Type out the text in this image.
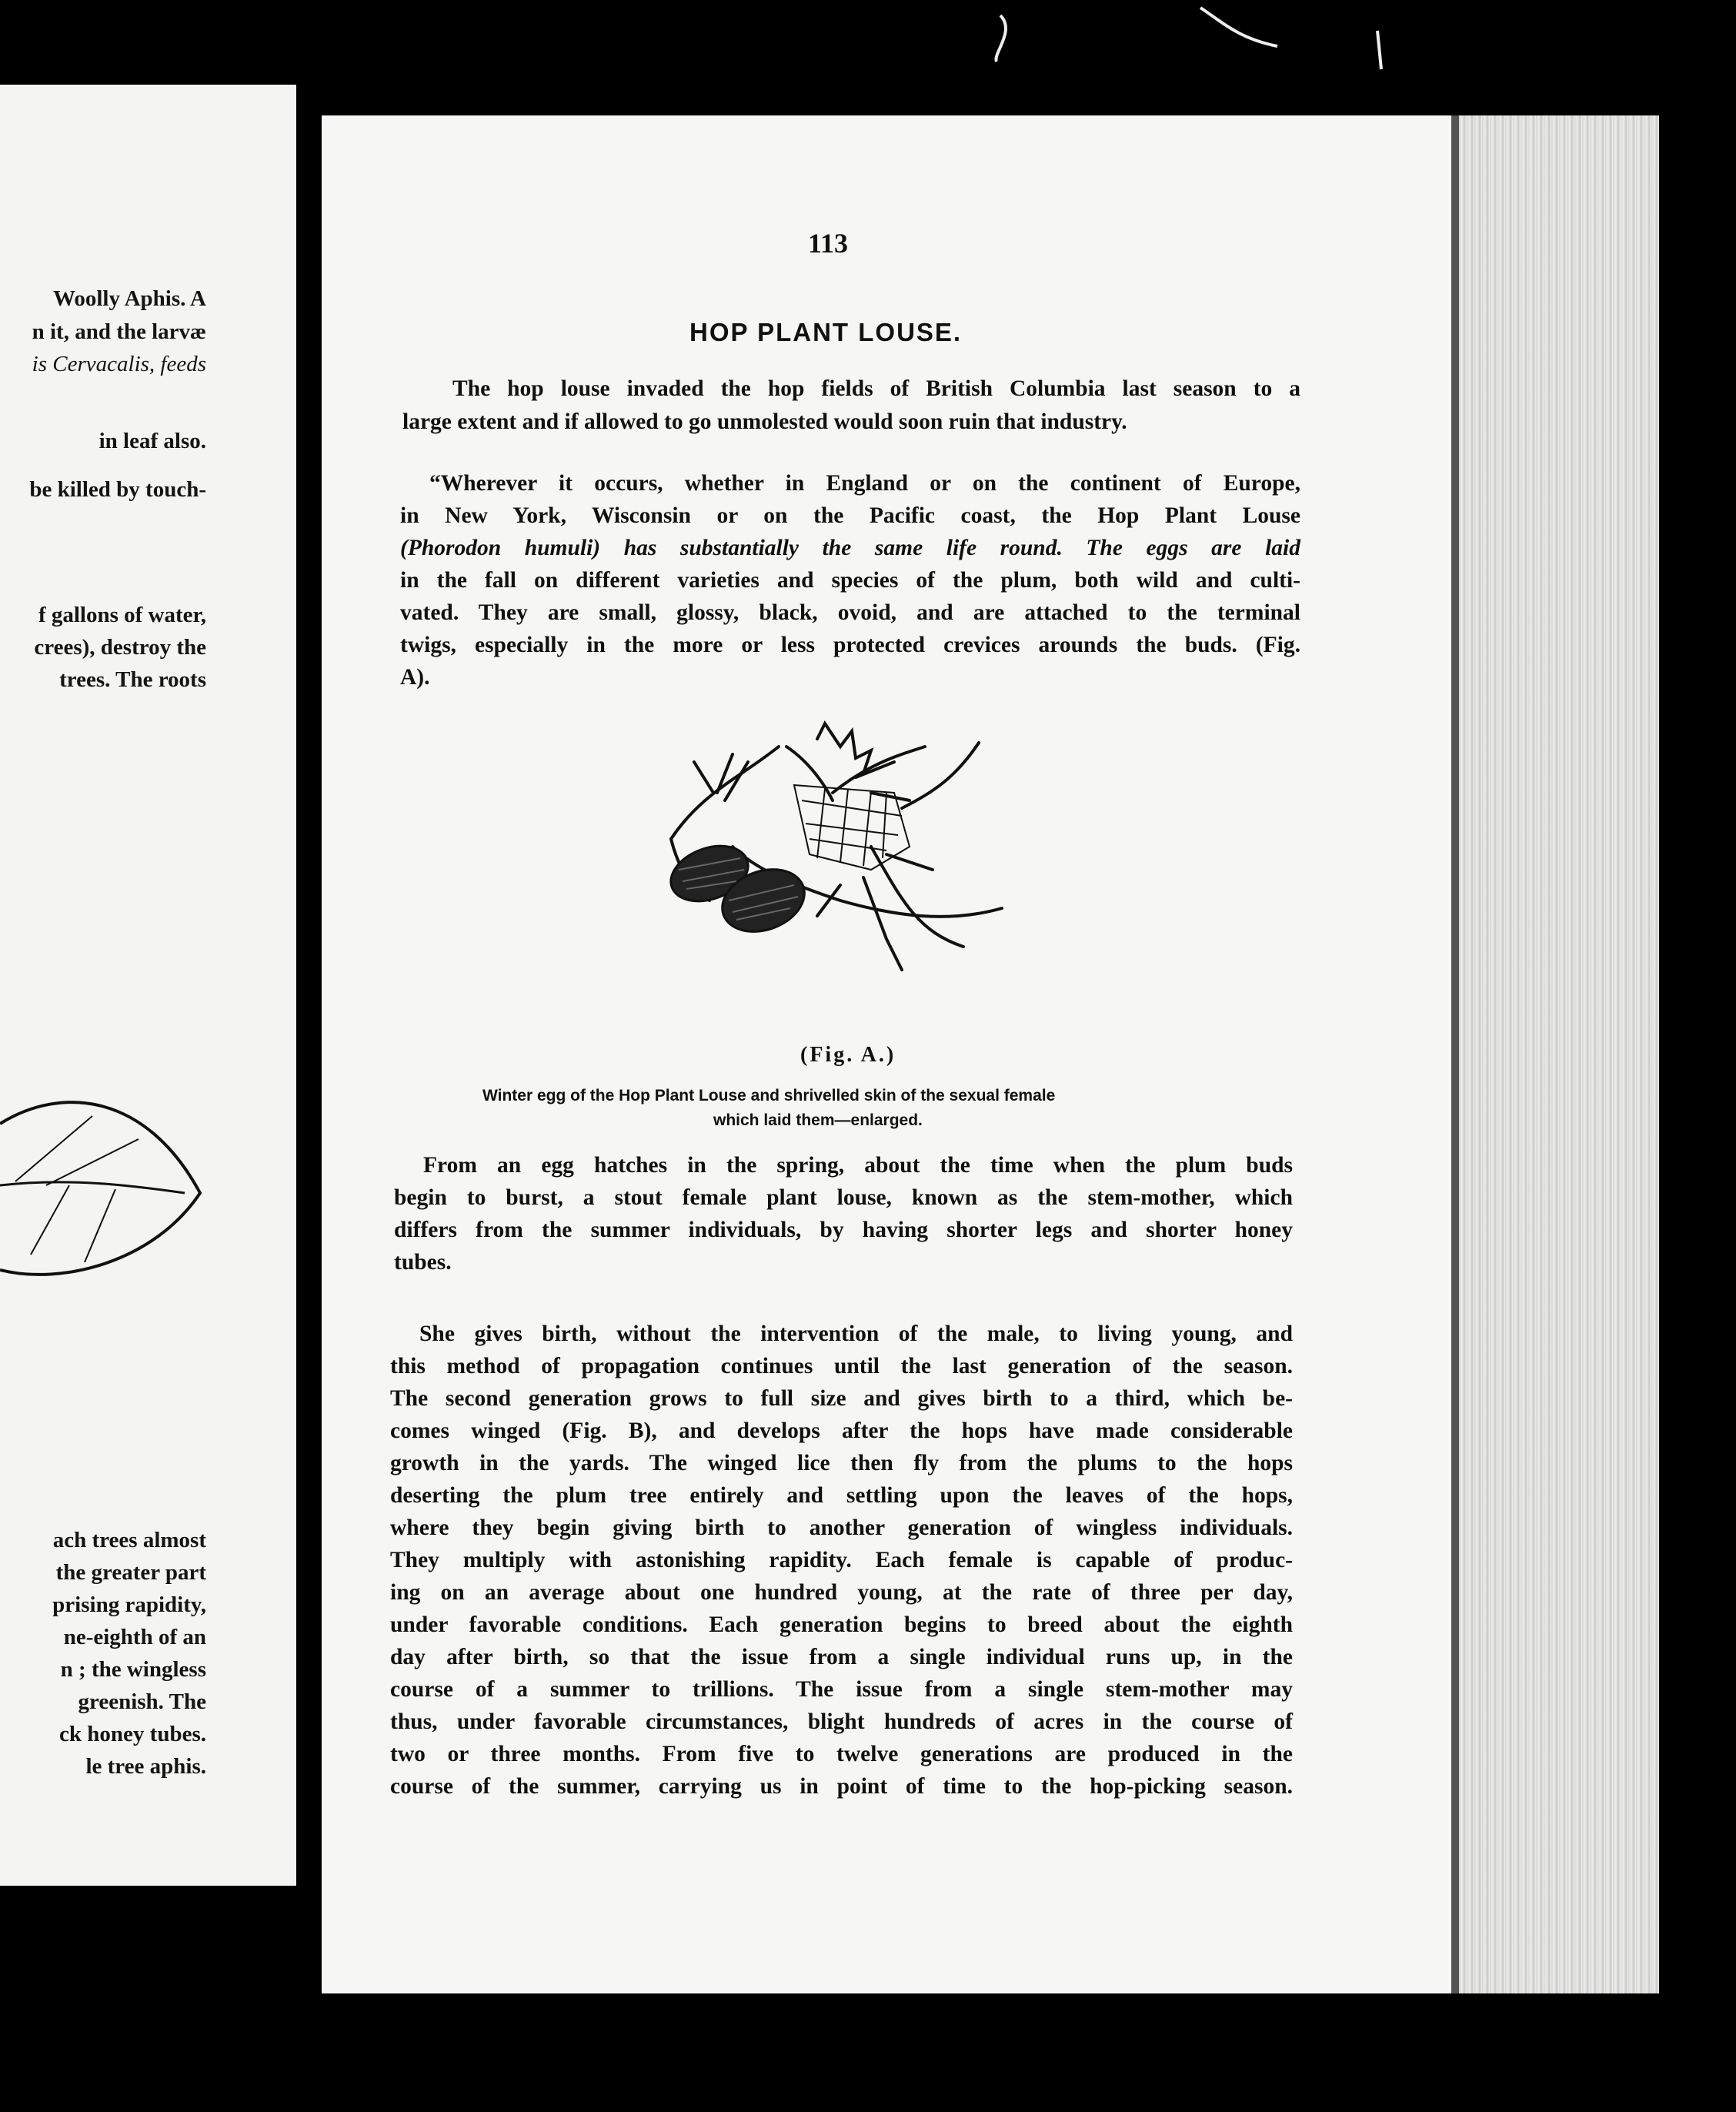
Woolly Aphis. A
n it, and the larvæ
is Cervacalis, feeds
in leaf also.
be killed by touch-
f gallons of water,
crees), destroy the
trees. The roots
ach trees almost
the greater part
prising rapidity,
ne-eighth of an
n ; the wingless
greenish. The
ck honey tubes.
le tree aphis.
113
HOP PLANT LOUSE.
The hop louse invaded the hop fields of British Columbia last season to a
large extent and if allowed to go unmolested would soon ruin that industry.
“Wherever it occurs, whether in England or on the continent of Europe,
in New York, Wisconsin or on the Pacific coast, the Hop Plant Louse
(Phorodon humuli) has substantially the same life round. The eggs are laid
in the fall on different varieties and species of the plum, both wild and culti-
vated. They are small, glossy, black, ovoid, and are attached to the terminal
twigs, especially in the more or less protected crevices arounds the buds. (Fig.
A).
(Fig. A.)
Winter egg of the Hop Plant Louse and shrivelled skin of the sexual female
which laid them—enlarged.
From an egg hatches in the spring, about the time when the plum buds
begin to burst, a stout female plant louse, known as the stem-mother, which
differs from the summer individuals, by having shorter legs and shorter honey
tubes.
She gives birth, without the intervention of the male, to living young, and
this method of propagation continues until the last generation of the season.
The second generation grows to full size and gives birth to a third, which be-
comes winged (Fig. B), and develops after the hops have made considerable
growth in the yards. The winged lice then fly from the plums to the hops
deserting the plum tree entirely and settling upon the leaves of the hops,
where they begin giving birth to another generation of wingless individuals.
They multiply with astonishing rapidity. Each female is capable of produc-
ing on an average about one hundred young, at the rate of three per day,
under favorable conditions. Each generation begins to breed about the eighth
day after birth, so that the issue from a single individual runs up, in the
course of a summer to trillions. The issue from a single stem-mother may
thus, under favorable circumstances, blight hundreds of acres in the course of
two or three months. From five to twelve generations are produced in the
course of the summer, carrying us in point of time to the hop-picking season.
